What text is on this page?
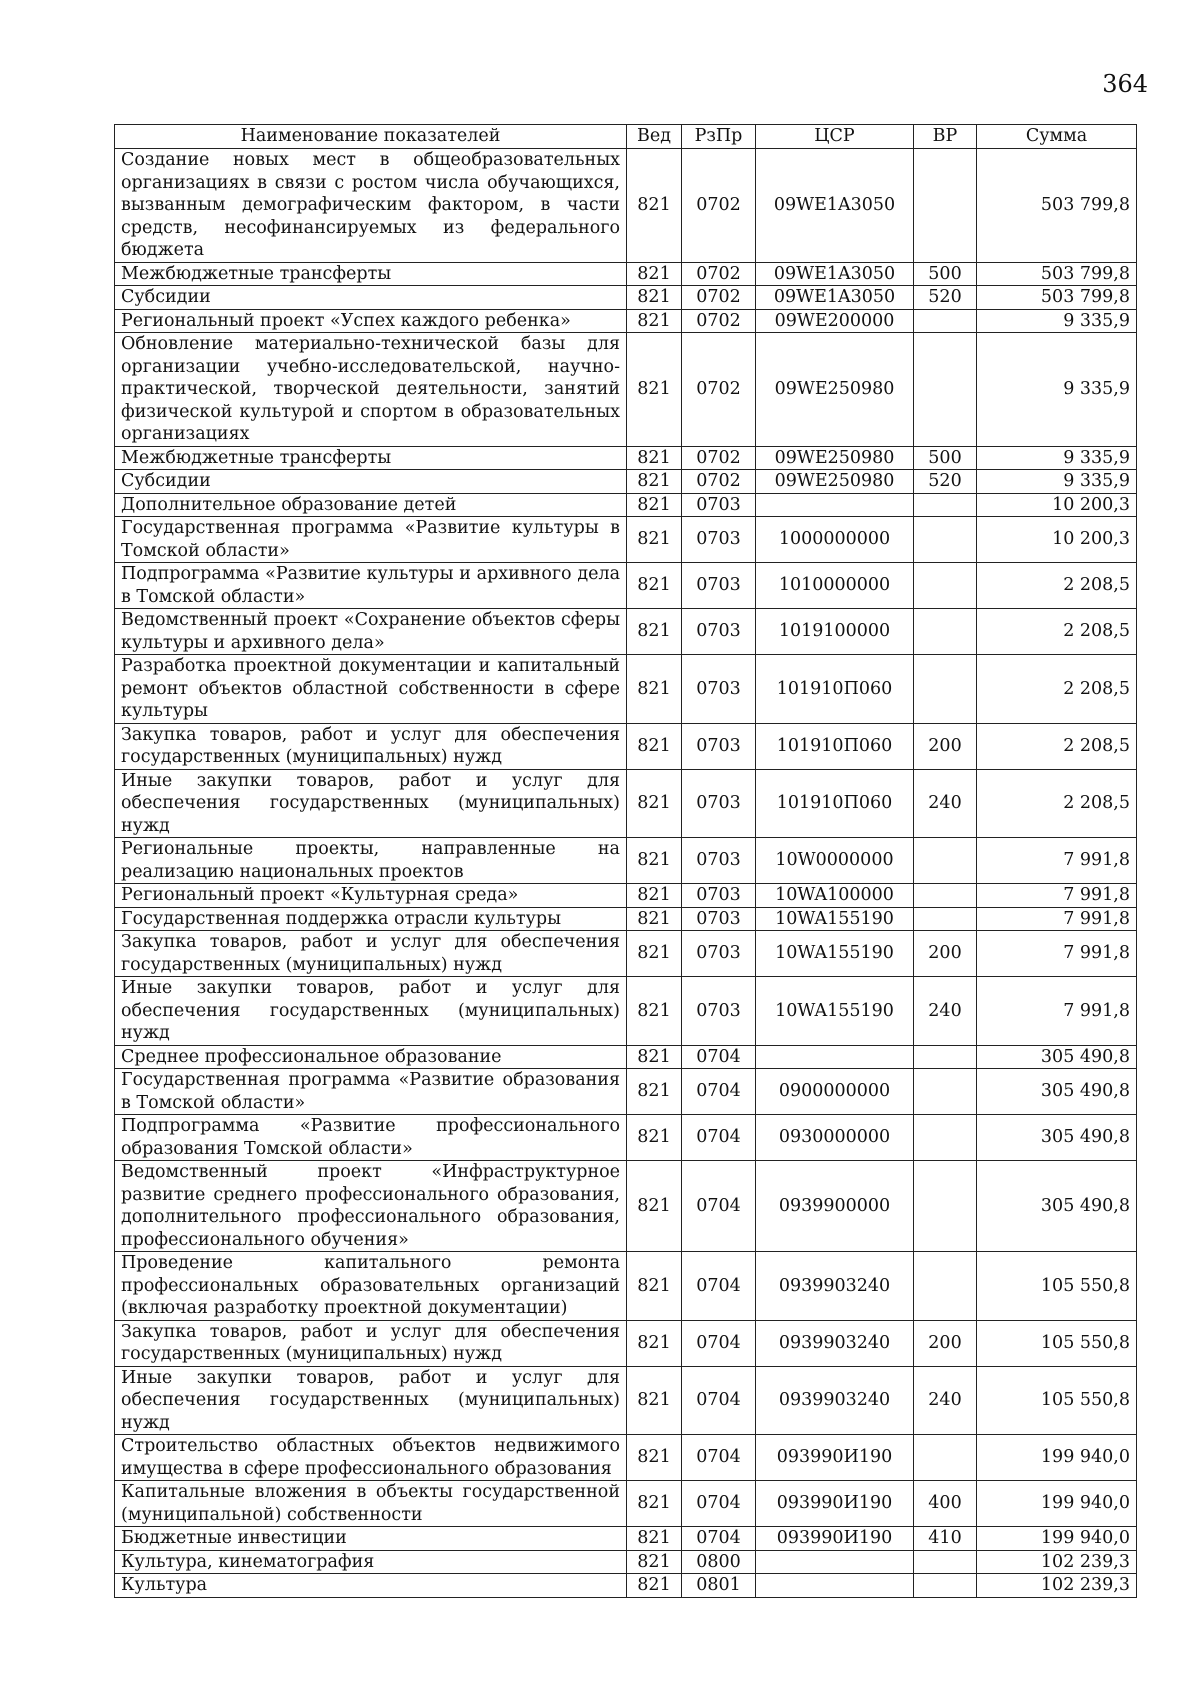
364
Наименование показателей	Вед	РзПр	ЦСР	ВР	Сумма
Создание новых мест в общеобразовательных организациях в связи с ростом числа обучающихся, вызванным демографическим фактором, в части средств, несофинансируемых из федерального бюджета	821	0702	09WE1A3050		503 799,8
Межбюджетные трансферты	821	0702	09WE1A3050	500	503 799,8
Субсидии	821	0702	09WE1A3050	520	503 799,8
Региональный проект «Успех каждого ребенка»	821	0702	09WE200000		9 335,9
Обновление материально-технической базы для организации учебно-исследовательской, научно-практической, творческой деятельности, занятий физической культурой и спортом в образовательных организациях	821	0702	09WE250980		9 335,9
Межбюджетные трансферты	821	0702	09WE250980	500	9 335,9
Субсидии	821	0702	09WE250980	520	9 335,9
Дополнительное образование детей	821	0703			10 200,3
Государственная программа «Развитие культуры в Томской области»	821	0703	1000000000		10 200,3
Подпрограмма «Развитие культуры и архивного дела в Томской области»	821	0703	1010000000		2 208,5
Ведомственный проект «Сохранение объектов сферы культуры и архивного дела»	821	0703	1019100000		2 208,5
Разработка проектной документации и капитальный ремонт объектов областной собственности в сфере культуры	821	0703	101910П060		2 208,5
Закупка товаров, работ и услуг для обеспечения государственных (муниципальных) нужд	821	0703	101910П060	200	2 208,5
Иные закупки товаров, работ и услуг для обеспечения государственных (муниципальных) нужд	821	0703	101910П060	240	2 208,5
Региональные проекты, направленные на реализацию национальных проектов	821	0703	10W0000000		7 991,8
Региональный проект «Культурная среда»	821	0703	10WA100000		7 991,8
Государственная поддержка отрасли культуры	821	0703	10WA155190		7 991,8
Закупка товаров, работ и услуг для обеспечения государственных (муниципальных) нужд	821	0703	10WA155190	200	7 991,8
Иные закупки товаров, работ и услуг для обеспечения государственных (муниципальных) нужд	821	0703	10WA155190	240	7 991,8
Среднее профессиональное образование	821	0704			305 490,8
Государственная программа «Развитие образования в Томской области»	821	0704	0900000000		305 490,8
Подпрограмма «Развитие профессионального образования Томской области»	821	0704	0930000000		305 490,8
Ведомственный проект «Инфраструктурное развитие среднего профессионального образования, дополнительного профессионального образования, профессионального обучения»	821	0704	0939900000		305 490,8
Проведение капитального ремонта профессиональных образовательных организаций (включая разработку проектной документации)	821	0704	0939903240		105 550,8
Закупка товаров, работ и услуг для обеспечения государственных (муниципальных) нужд	821	0704	0939903240	200	105 550,8
Иные закупки товаров, работ и услуг для обеспечения государственных (муниципальных) нужд	821	0704	0939903240	240	105 550,8
Строительство областных объектов недвижимого имущества в сфере профессионального образования	821	0704	093990И190		199 940,0
Капитальные вложения в объекты государственной (муниципальной) собственности	821	0704	093990И190	400	199 940,0
Бюджетные инвестиции	821	0704	093990И190	410	199 940,0
Культура, кинематография	821	0800			102 239,3
Культура	821	0801			102 239,3
